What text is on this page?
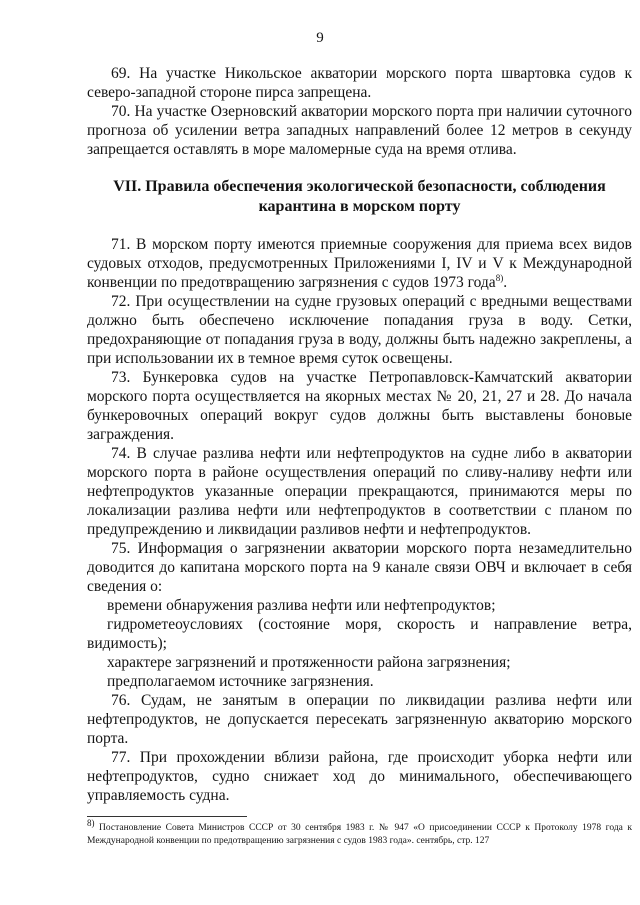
9

69. На участке Никольское акватории морского порта швартовка судов к северо-западной стороне пирса запрещена.

70. На участке Озерновский акватории морского порта при наличии суточного прогноза об усилении ветра западных направлений более 12 метров в секунду запрещается оставлять в море маломерные суда на время отлива.

VII. Правила обеспечения экологической безопасности, соблюдения карантина в морском порту

71. В морском порту имеются приемные сооружения для приема всех видов судовых отходов, предусмотренных Приложениями I, IV и V к Международной конвенции по предотвращению загрязнения с судов 1973 года$^{8)}$.

72. При осуществлении на судне грузовых операций с вредными веществами должно быть обеспечено исключение попадания груза в воду. Сетки, предохраняющие от попадания груза в воду, должны быть надежно закреплены, а при использовании их в темное время суток освещены.

73. Бункеровка судов на участке Петропавловск-Камчатский акватории морского порта осуществляется на якорных местах № 20, 21, 27 и 28. До начала бункеровочных операций вокруг судов должны быть выставлены боновые заграждения.

74. В случае разлива нефти или нефтепродуктов на судне либо в акватории морского порта в районе осуществления операций по сливу-наливу нефти или нефтепродуктов указанные операции прекращаются, принимаются меры по локализации разлива нефти или нефтепродуктов в соответствии с планом по предупреждению и ликвидации разливов нефти и нефтепродуктов.

75. Информация о загрязнении акватории морского порта незамедлительно доводится до капитана морского порта на 9 канале связи ОВЧ и включает в себя сведения о:

времени обнаружения разлива нефти или нефтепродуктов;

гидрометеоусловиях (состояние моря, скорость и направление ветра, видимость);

характере загрязнений и протяженности района загрязнения;

предполагаемом источнике загрязнения.

76. Судам, не занятым в операции по ликвидации разлива нефти или нефтепродуктов, не допускается пересекать загрязненную акваторию морского порта.

77. При прохождении вблизи района, где происходит уборка нефти или нефтепродуктов, судно снижает ход до минимального, обеспечивающего управляемость судна.

$^{8)}$ Постановление Совета Министров СССР от 30 сентября 1983 г. № 947 «О присоединении СССР к Протоколу 1978 года к Международной конвенции по предотвращению загрязнения с судов 1983 года». сентябрь, стр. 127
